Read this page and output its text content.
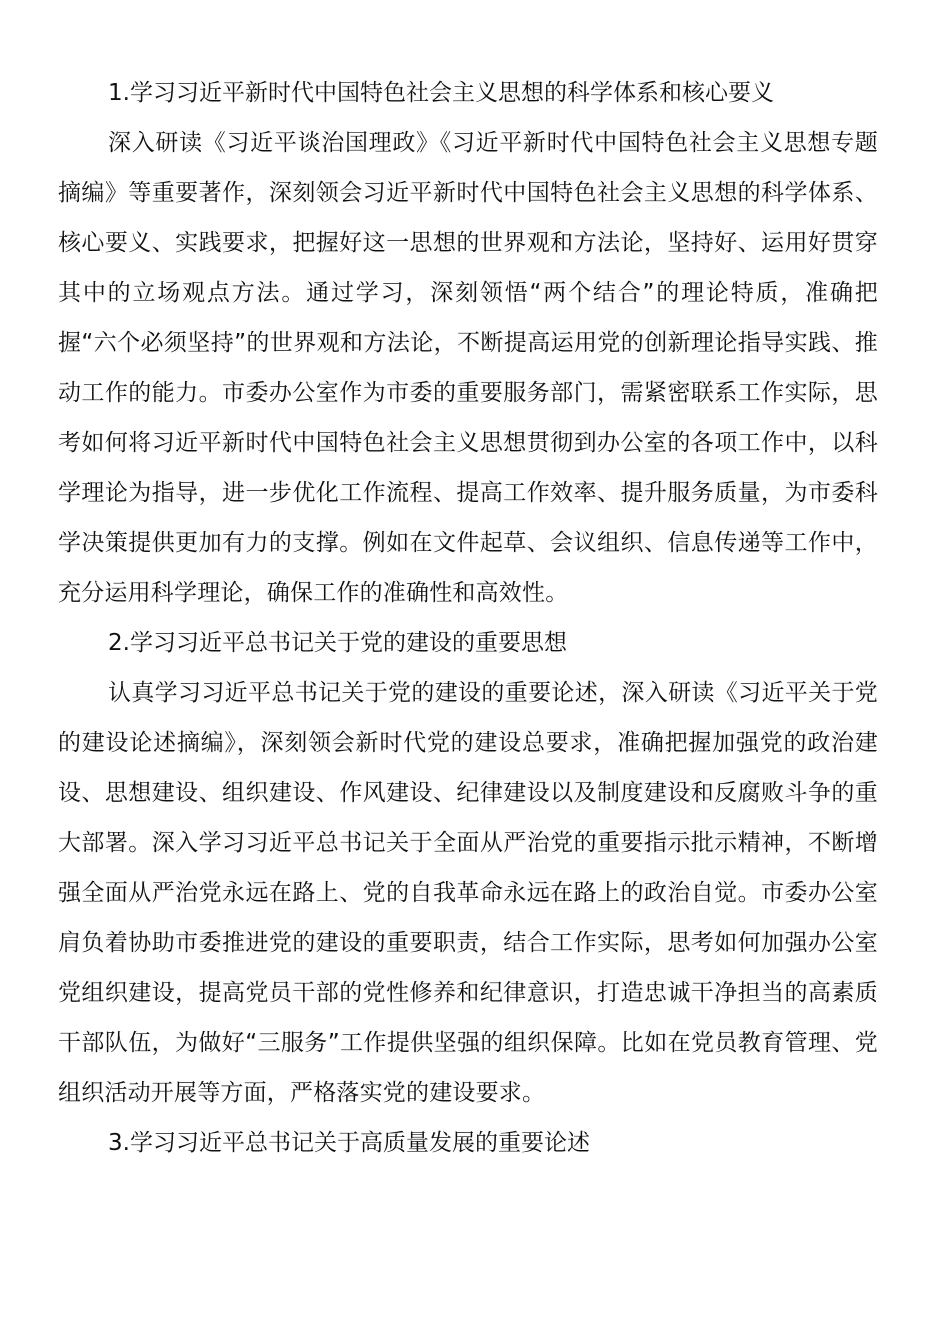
1.学习习近平新时代中国特色社会主义思想的科学体系和核心要义

深入研读《习近平谈治国理政》《习近平新时代中国特色社会主义思想专题摘编》等重要著作，深刻领会习近平新时代中国特色社会主义思想的科学体系、核心要义、实践要求，把握好这一思想的世界观和方法论，坚持好、运用好贯穿其中的立场观点方法。通过学习，深刻领悟“两个结合”的理论特质，准确把握“六个必须坚持”的世界观和方法论，不断提高运用党的创新理论指导实践、推动工作的能力。市委办公室作为市委的重要服务部门，需紧密联系工作实际，思考如何将习近平新时代中国特色社会主义思想贯彻到办公室的各项工作中，以科学理论为指导，进一步优化工作流程、提高工作效率、提升服务质量，为市委科学决策提供更加有力的支撑。例如在文件起草、会议组织、信息传递等工作中，充分运用科学理论，确保工作的准确性和高效性。

2.学习习近平总书记关于党的建设的重要思想

认真学习习近平总书记关于党的建设的重要论述，深入研读《习近平关于党的建设论述摘编》，深刻领会新时代党的建设总要求，准确把握加强党的政治建设、思想建设、组织建设、作风建设、纪律建设以及制度建设和反腐败斗争的重大部署。深入学习习近平总书记关于全面从严治党的重要指示批示精神，不断增强全面从严治党永远在路上、党的自我革命永远在路上的政治自觉。市委办公室肩负着协助市委推进党的建设的重要职责，结合工作实际，思考如何加强办公室党组织建设，提高党员干部的党性修养和纪律意识，打造忠诚干净担当的高素质干部队伍，为做好“三服务”工作提供坚强的组织保障。比如在党员教育管理、党组织活动开展等方面，严格落实党的建设要求。

3.学习习近平总书记关于高质量发展的重要论述
